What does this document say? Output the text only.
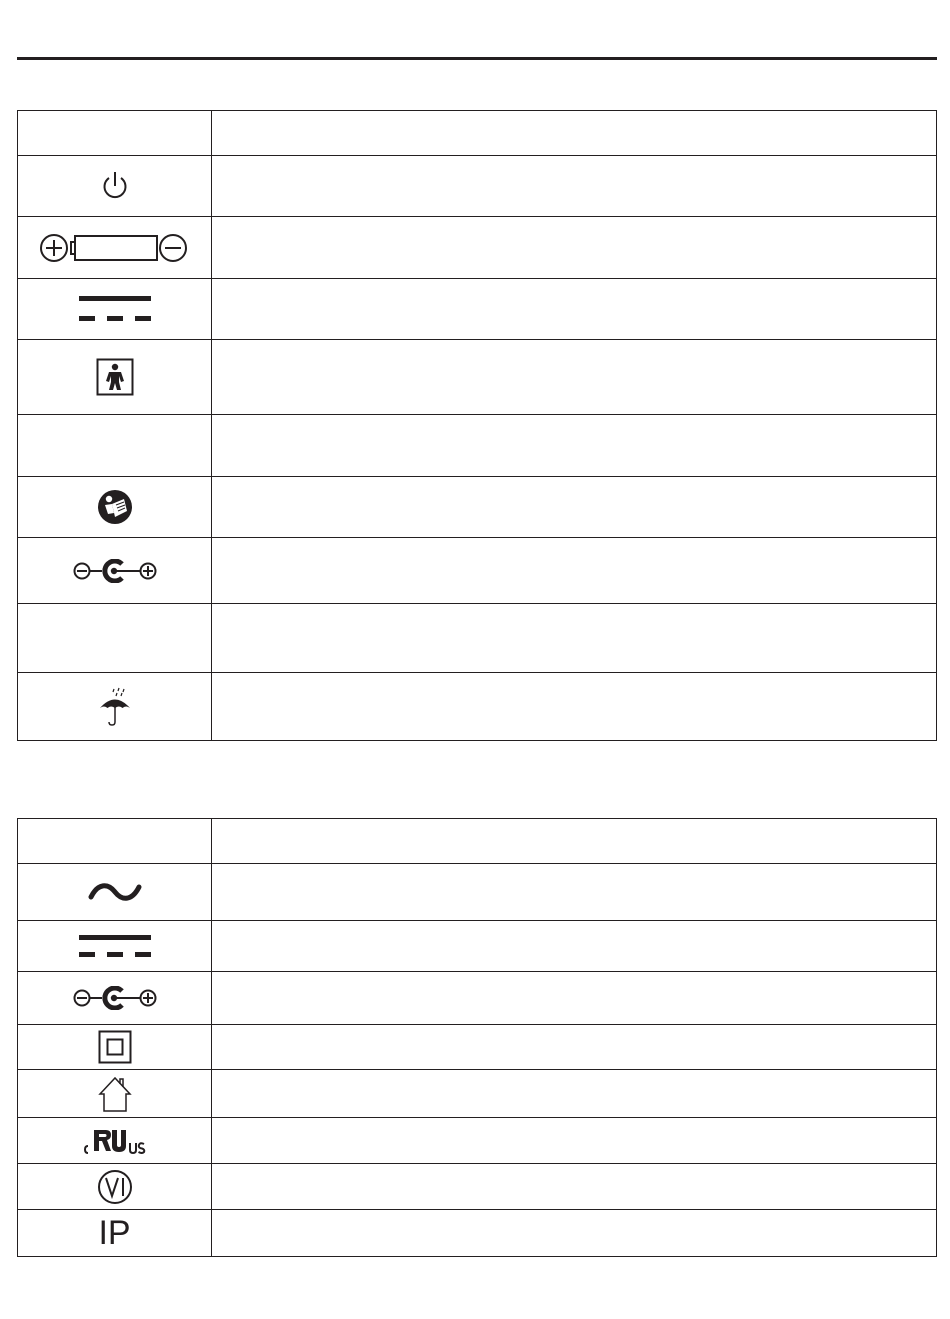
IP	
